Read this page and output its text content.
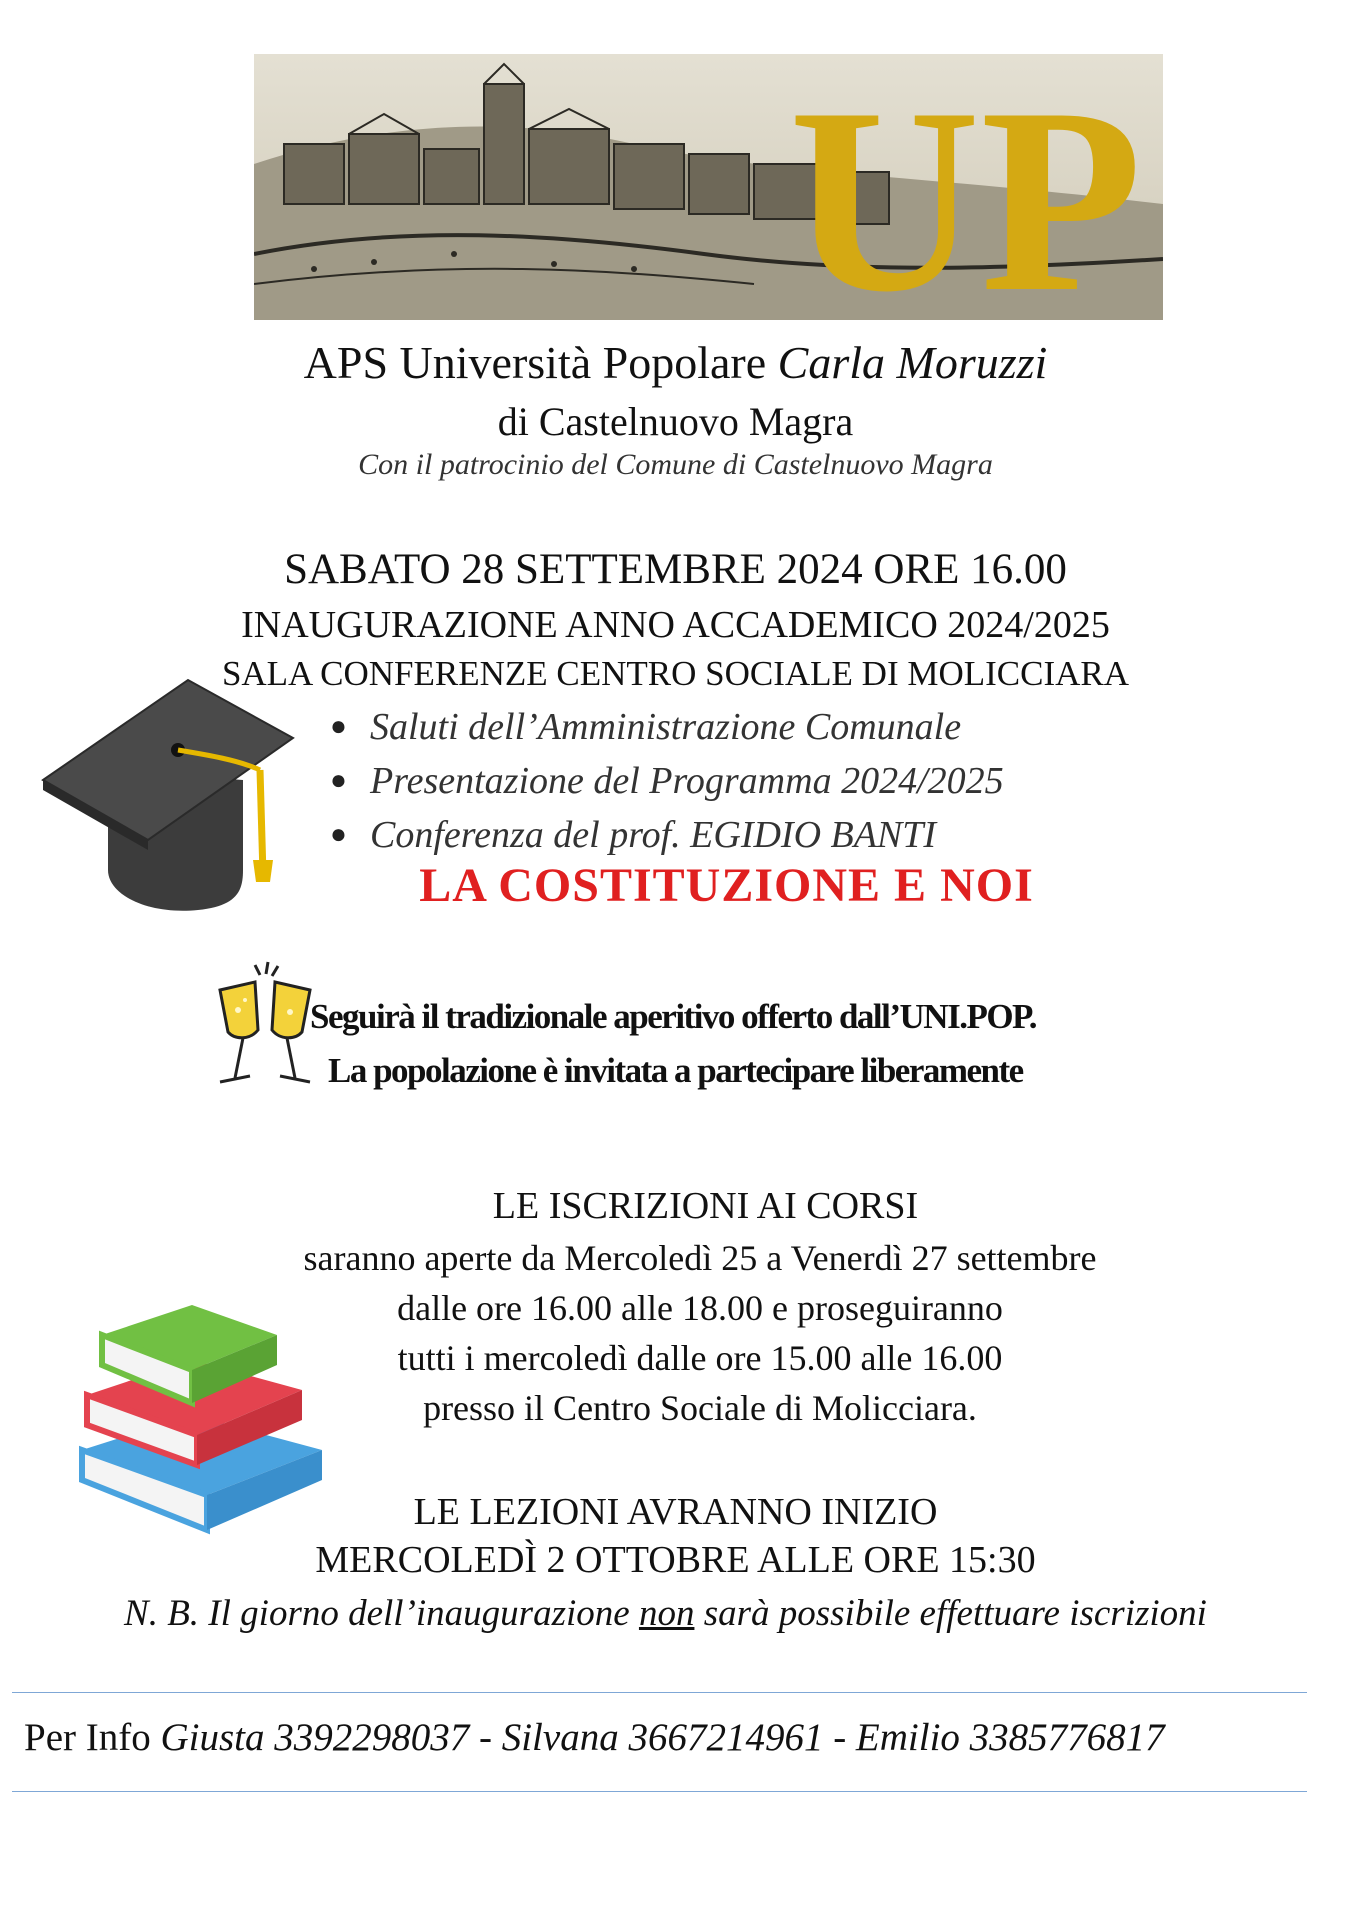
UP
APS Università Popolare Carla Moruzzi
di Castelnuovo Magra
Con il patrocinio del Comune di Castelnuovo Magra
SABATO 28 SETTEMBRE 2024 ORE 16.00
INAUGURAZIONE ANNO ACCADEMICO 2024/2025
SALA CONFERENZE CENTRO SOCIALE DI MOLICCIARA
● Saluti dell’Amministrazione Comunale
● Presentazione del Programma 2024/2025
● Conferenza del prof. EGIDIO BANTI
LA COSTITUZIONE E NOI
Seguirà il tradizionale aperitivo offerto dall’UNI.POP.
La popolazione è invitata a partecipare liberamente
LE ISCRIZIONI AI CORSI
saranno aperte da Mercoledì 25 a Venerdì 27 settembre
dalle ore 16.00 alle 18.00 e proseguiranno
tutti i mercoledì dalle ore 15.00 alle 16.00
presso il Centro Sociale di Molicciara.
LE LEZIONI AVRANNO INIZIO
MERCOLEDÌ 2 OTTOBRE ALLE ORE 15:30
N. B. Il giorno dell’inaugurazione non sarà possibile effettuare iscrizioni
Per Info Giusta 3392298037 - Silvana 3667214961 - Emilio 3385776817
